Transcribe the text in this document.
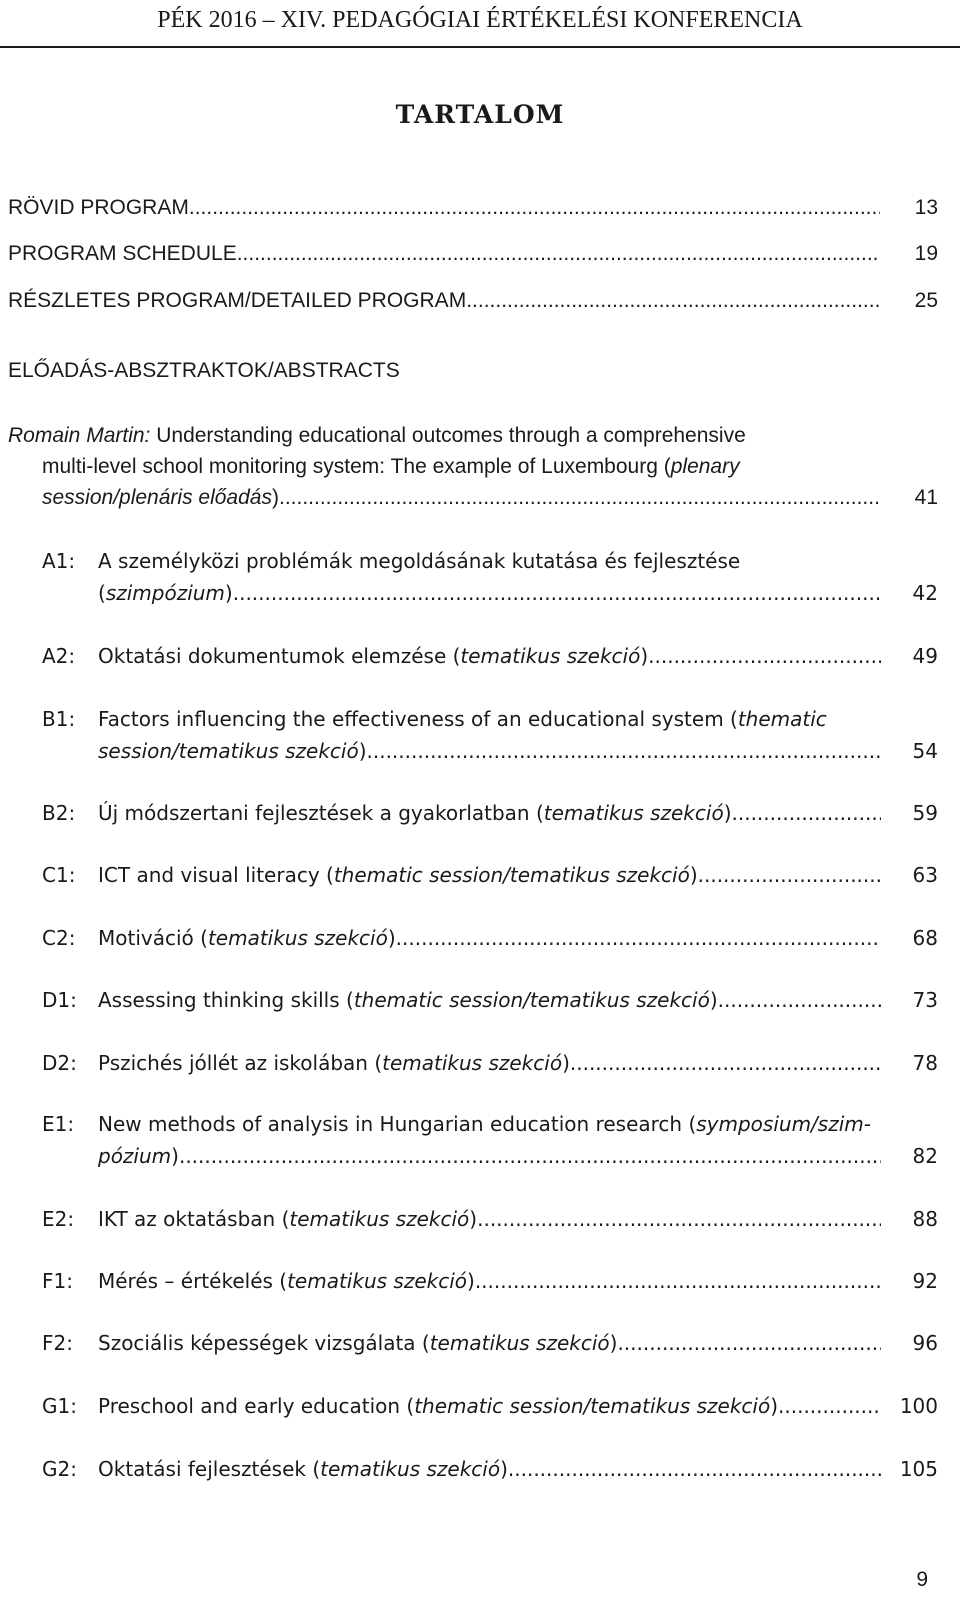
PÉK 2016 – XIV. PEDAGÓGIAI ÉRTÉKELÉSI KONFERENCIA
TARTALOM
RÖVID PROGRAM .....	13
PROGRAM SCHEDULE .....	19
RÉSZLETES PROGRAM/DETAILED PROGRAM .....	25
ELŐADÁS-ABSZTRAKTOK/ABSTRACTS
Romain Martin: Understanding educational outcomes through a comprehensive
multi-level school monitoring system: The example of Luxembourg (plenary
session/plenáris előadás) .....	41
A1: A személyközi problémák megoldásának kutatása és fejlesztése
(szimpózium) .....	42
A2: Oktatási dokumentumok elemzése (tematikus szekció) .....	49
B1: Factors influencing the effectiveness of an educational system (thematic
session/tematikus szekció) .....	54
B2: Új módszertani fejlesztések a gyakorlatban (tematikus szekció) .....	59
C1: ICT and visual literacy (thematic session/tematikus szekció) .....	63
C2: Motiváció (tematikus szekció) .....	68
D1: Assessing thinking skills (thematic session/tematikus szekció) .....	73
D2: Pszichés jóllét az iskolában (tematikus szekció) .....	78
E1: New methods of analysis in Hungarian education research (symposium/szim-
pózium) .....	82
E2: IKT az oktatásban (tematikus szekció) .....	88
F1: Mérés – értékelés (tematikus szekció) .....	92
F2: Szociális képességek vizsgálata (tematikus szekció) .....	96
G1: Preschool and early education (thematic session/tematikus szekció) .....	100
G2: Oktatási fejlesztések (tematikus szekció) .....	105
9
